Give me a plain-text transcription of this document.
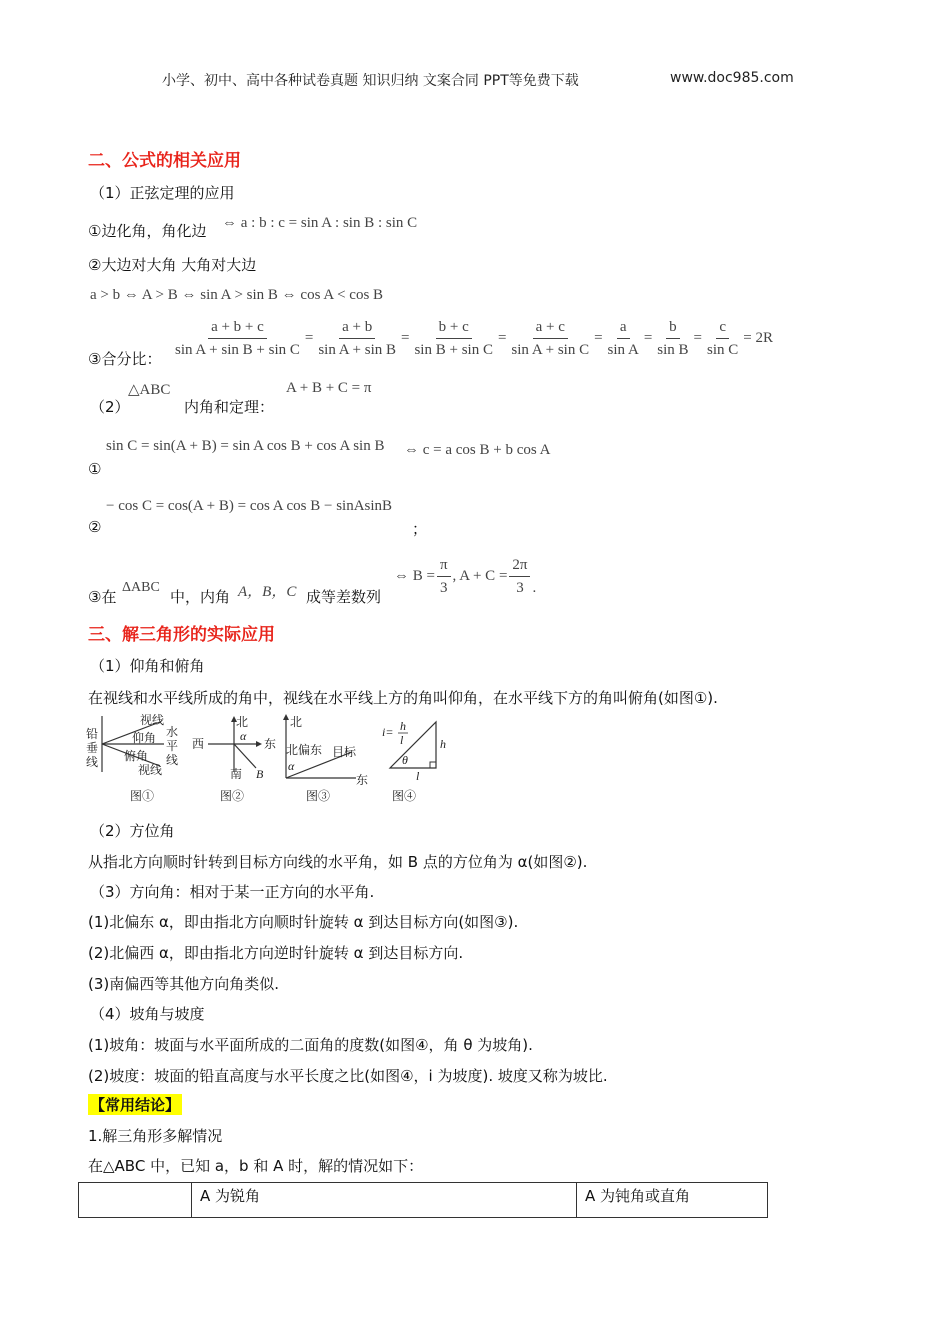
小学、初中、高中各种试卷真题 知识归纳 文案合同 PPT等免费下载	www.doc985.com
二、公式的相关应用
（1）正弦定理的应用
①边化角，角化边 ⇔ a : b : c = sin A : sin B : sin C
②大边对大角 大角对大边
a > b ⇔ A > B ⇔ sin A > sin B ⇔ cos A < cos B
③合分比： $\frac{a + b + c}{\text{sin A + sin B + sin C}} = \frac{a + b}{\text{sin A + sin B}} = \frac{b + c}{\text{sin B + sin C}} = \frac{a + c}{\text{sin A + sin C}} = \frac{a}{\text{sin A}} = \frac{b}{\text{sin B}} = \frac{c}{\text{sin C}} = 2R$
（2）
△ABC
内角和定理：
A + B + C = π
sin C = sin(A + B) = sin A cos B + cos A sin B ⇔ c = a cos B + b cos A
①
− cos C = cos(A + B) = cos A cos B − sinAsinB
②	；
③在
ΔABC
中，内角 A，B，C 成等差数列
⇔ $B = \frac{\pi}{3}$ , $A + C = \frac{2\pi}{3}$ .
三、解三角形的实际应用
（1）仰角和俯角
在视线和水平线所成的角中，视线在水平线上方的角叫仰角，在水平线下方的角叫俯角(如图①).
铅
垂
线
视线
仰角
俯角
视线
水
平
线
图①
北
西	东
南
α
B
图②
北
北偏东 目标
东
α
图③
i= h
l	h
l
θ
图④
（2）方位角
从指北方向顺时针转到目标方向线的水平角，如 B 点的方位角为 α(如图②).
（3）方向角：相对于某一正方向的水平角.
(1)北偏东 α，即由指北方向顺时针旋转 α 到达目标方向(如图③).
(2)北偏西 α，即由指北方向逆时针旋转 α 到达目标方向.
(3)南偏西等其他方向角类似.
（4）坡角与坡度
(1)坡角：坡面与水平面所成的二面角的度数(如图④，角 θ 为坡角).
(2)坡度：坡面的铅直高度与水平长度之比(如图④，i 为坡度). 坡度又称为坡比.
【常用结论】
1.解三角形多解情况
在△ABC 中，已知 a，b 和 A 时，解的情况如下：
	A 为锐角	A 为钝角或直角
